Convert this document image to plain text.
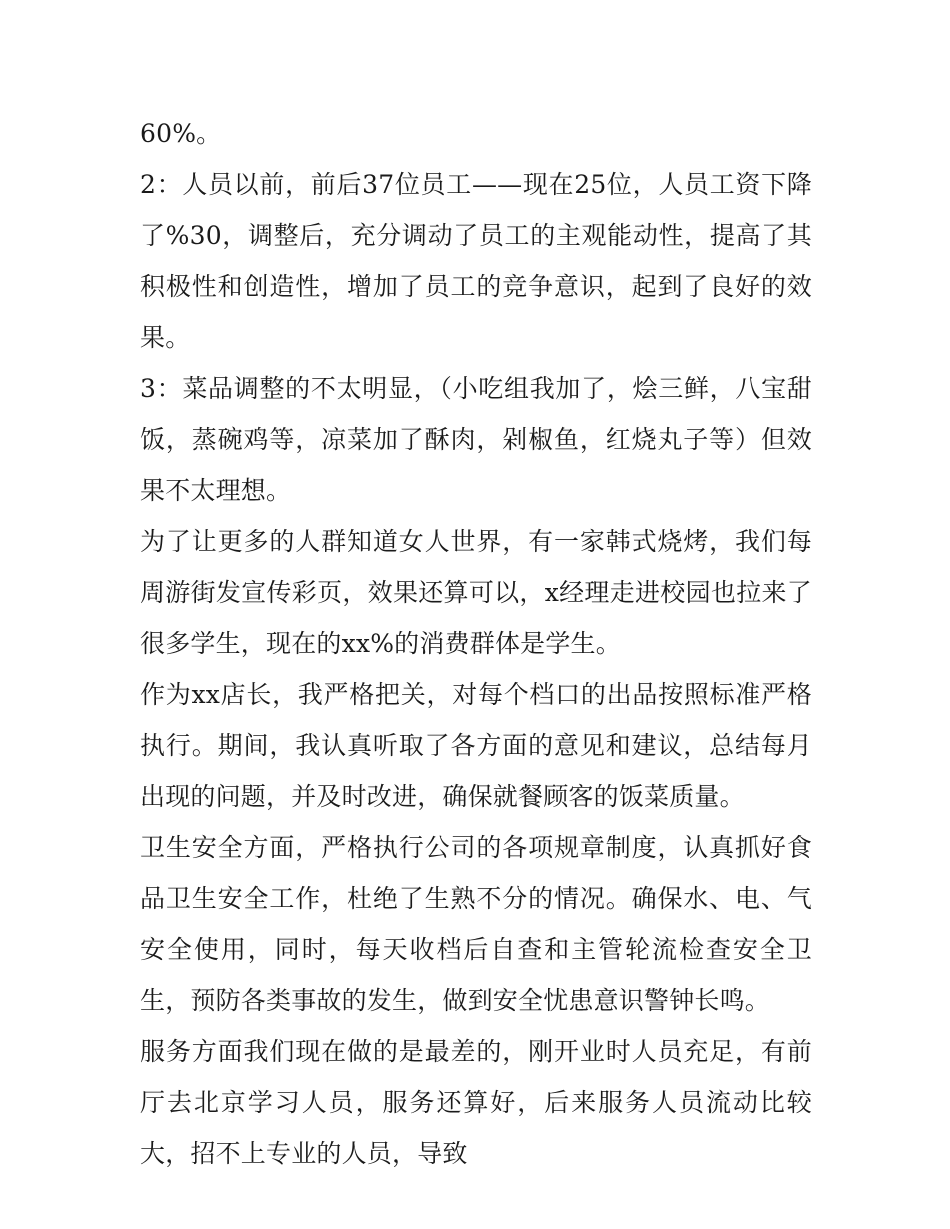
60%。

2：人员以前，前后37位员工——现在25位，人员工资下降了%30，调整后，充分调动了员工的主观能动性，提高了其积极性和创造性，增加了员工的竞争意识，起到了良好的效果。

3：菜品调整的不太明显，（小吃组我加了，烩三鲜，八宝甜饭，蒸碗鸡等，凉菜加了酥肉，剁椒鱼，红烧丸子等）但效果不太理想。

为了让更多的人群知道女人世界，有一家韩式烧烤，我们每周游街发宣传彩页，效果还算可以，x经理走进校园也拉来了很多学生，现在的xx%的消费群体是学生。

作为xx店长，我严格把关，对每个档口的出品按照标准严格执行。期间，我认真听取了各方面的意见和建议，总结每月出现的问题，并及时改进，确保就餐顾客的饭菜质量。

卫生安全方面，严格执行公司的各项规章制度，认真抓好食品卫生安全工作，杜绝了生熟不分的情况。确保水、电、气安全使用，同时，每天收档后自查和主管轮流检查安全卫生，预防各类事故的发生，做到安全忧患意识警钟长鸣。

服务方面我们现在做的是最差的，刚开业时人员充足，有前厅去北京学习人员，服务还算好，后来服务人员流动比较大，招不上专业的人员，导致
